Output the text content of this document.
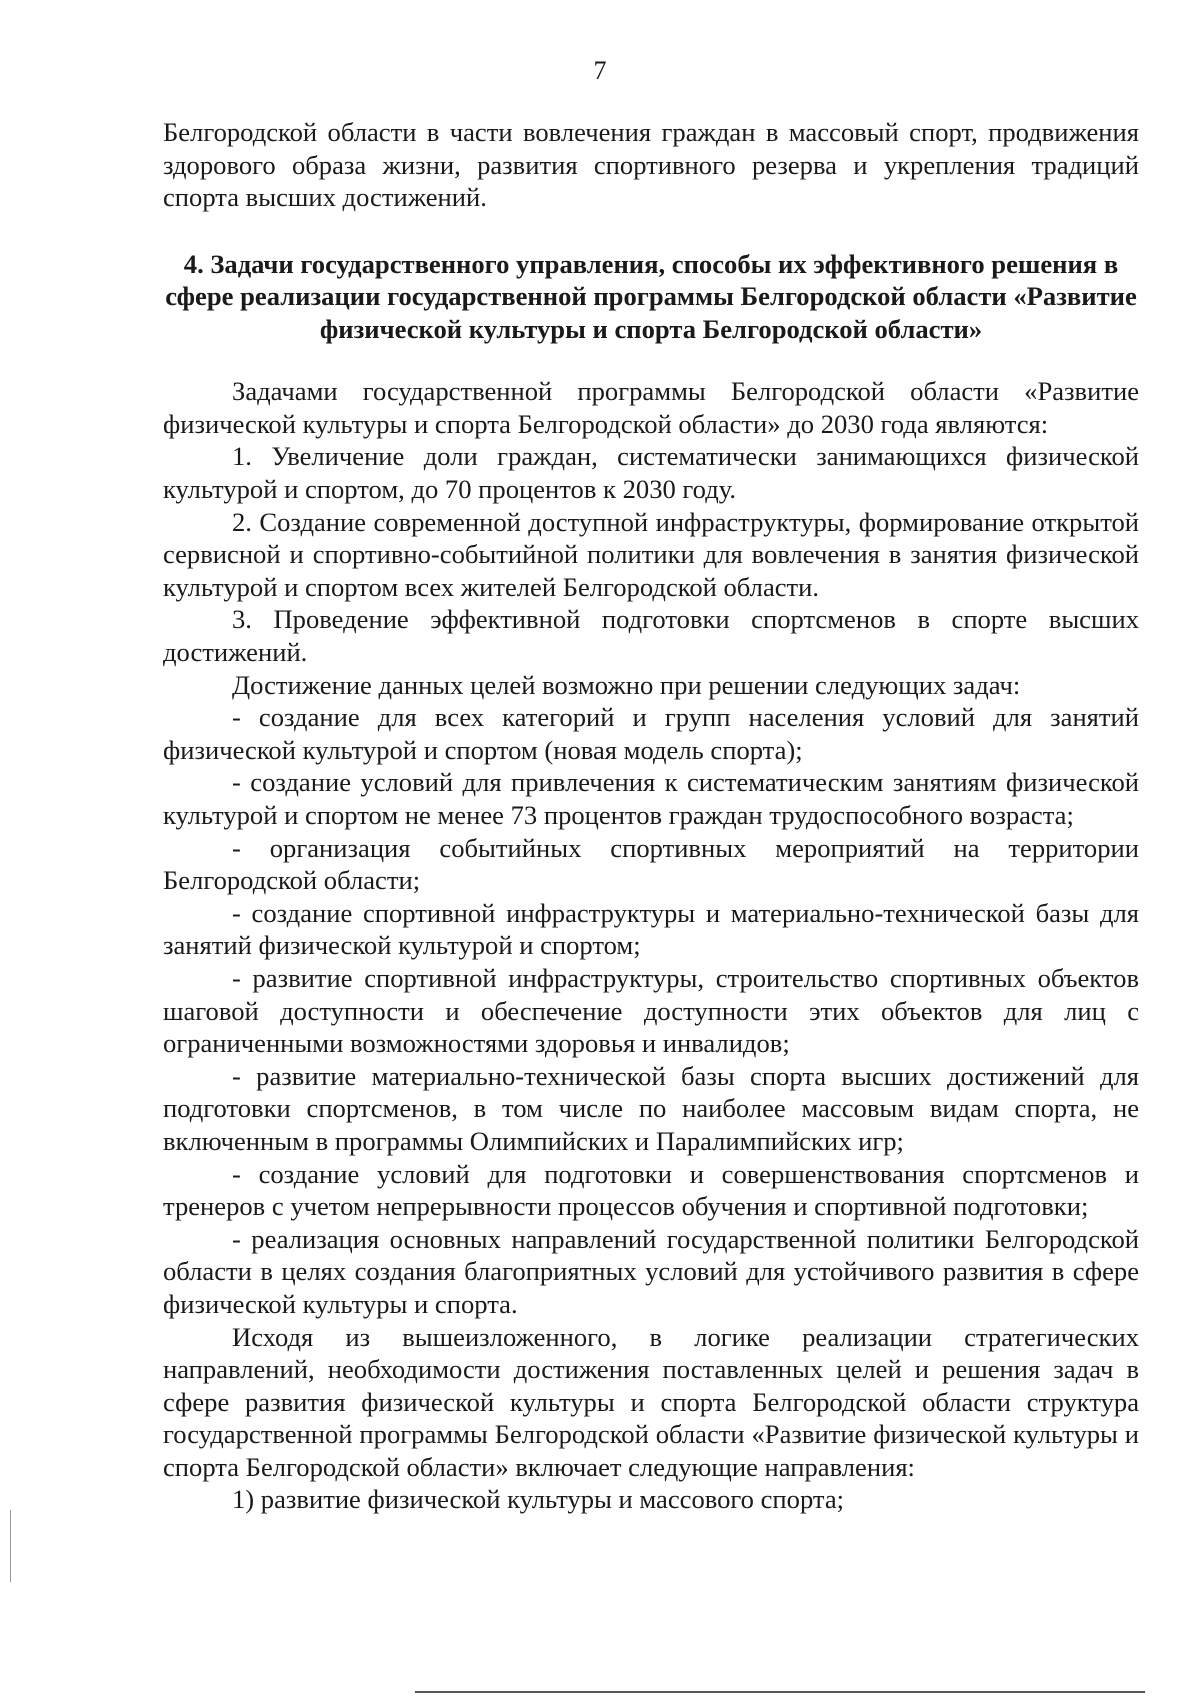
7

Белгородской области в части вовлечения граждан в массовый спорт, продвижения здорового образа жизни, развития спортивного резерва и укрепления традиций спорта высших достижений.

4. Задачи государственного управления, способы их эффективного решения в сфере реализации государственной программы Белгородской области «Развитие физической культуры и спорта Белгородской области»

Задачами государственной программы Белгородской области «Развитие физической культуры и спорта Белгородской области» до 2030 года являются:

1. Увеличение доли граждан, систематически занимающихся физической культурой и спортом, до 70 процентов к 2030 году.

2. Создание современной доступной инфраструктуры, формирование открытой сервисной и спортивно-событийной политики для вовлечения в занятия физической культурой и спортом всех жителей Белгородской области.

3. Проведение эффективной подготовки спортсменов в спорте высших достижений.

Достижение данных целей возможно при решении следующих задач:

- создание для всех категорий и групп населения условий для занятий физической культурой и спортом (новая модель спорта);

- создание условий для привлечения к систематическим занятиям физической культурой и спортом не менее 73 процентов граждан трудоспособного возраста;

- организация событийных спортивных мероприятий на территории Белгородской области;

- создание спортивной инфраструктуры и материально-технической базы для занятий физической культурой и спортом;

- развитие спортивной инфраструктуры, строительство спортивных объектов шаговой доступности и обеспечение доступности этих объектов для лиц с ограниченными возможностями здоровья и инвалидов;

- развитие материально-технической базы спорта высших достижений для подготовки спортсменов, в том числе по наиболее массовым видам спорта, не включенным в программы Олимпийских и Паралимпийских игр;

- создание условий для подготовки и совершенствования спортсменов и тренеров с учетом непрерывности процессов обучения и спортивной подготовки;

- реализация основных направлений государственной политики Белгородской области в целях создания благоприятных условий для устойчивого развития в сфере физической культуры и спорта.

Исходя из вышеизложенного, в логике реализации стратегических направлений, необходимости достижения поставленных целей и решения задач в сфере развития физической культуры и спорта Белгородской области структура государственной программы Белгородской области «Развитие физической культуры и спорта Белгородской области» включает следующие направления:

1) развитие физической культуры и массового спорта;
